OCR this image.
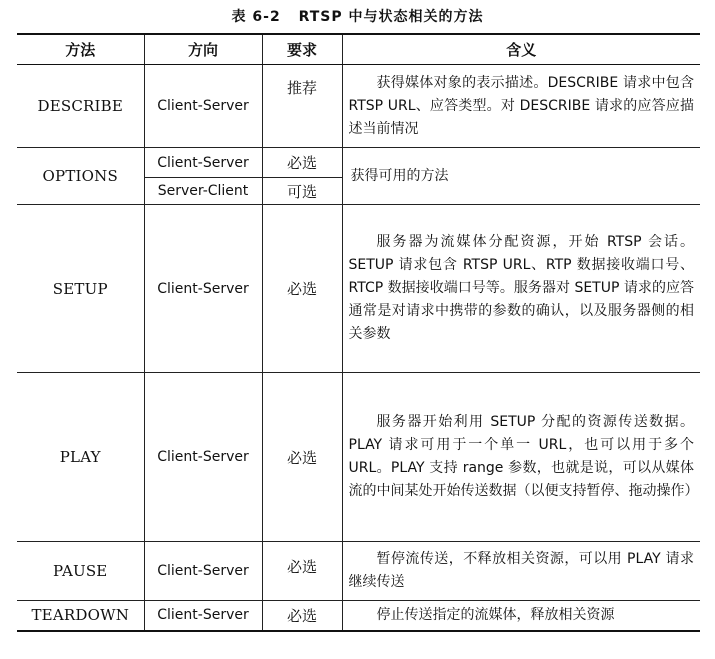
表 6-2 RTSP 中与状态相关的方法
方法	方向	要求	含义
DESCRIBE	Client-Server	推荐	获得媒体对象的表示描述。DESCRIBE 请求中包含 RTSP URL、应答类型。对 DESCRIBE 请求的应答应描述当前情况
OPTIONS	Client-Server	必选	获得可用的方法
	Server-Client	可选	
SETUP	Client-Server	必选	服务器为流媒体分配资源，开始 RTSP 会话。SETUP 请求包含 RTSP URL、RTP 数据接收端口号、RTCP 数据接收端口号等。服务器对 SETUP 请求的应答通常是对请求中携带的参数的确认，以及服务器侧的相关参数
PLAY	Client-Server	必选	服务器开始利用 SETUP 分配的资源传送数据。PLAY 请求可用于一个单一 URL，也可以用于多个 URL。PLAY 支持 range 参数，也就是说，可以从媒体流的中间某处开始传送数据（以便支持暂停、拖动操作）
PAUSE	Client-Server	必选	暂停流传送，不释放相关资源，可以用 PLAY 请求继续传送
TEARDOWN	Client-Server	必选	停止传送指定的流媒体，释放相关资源
